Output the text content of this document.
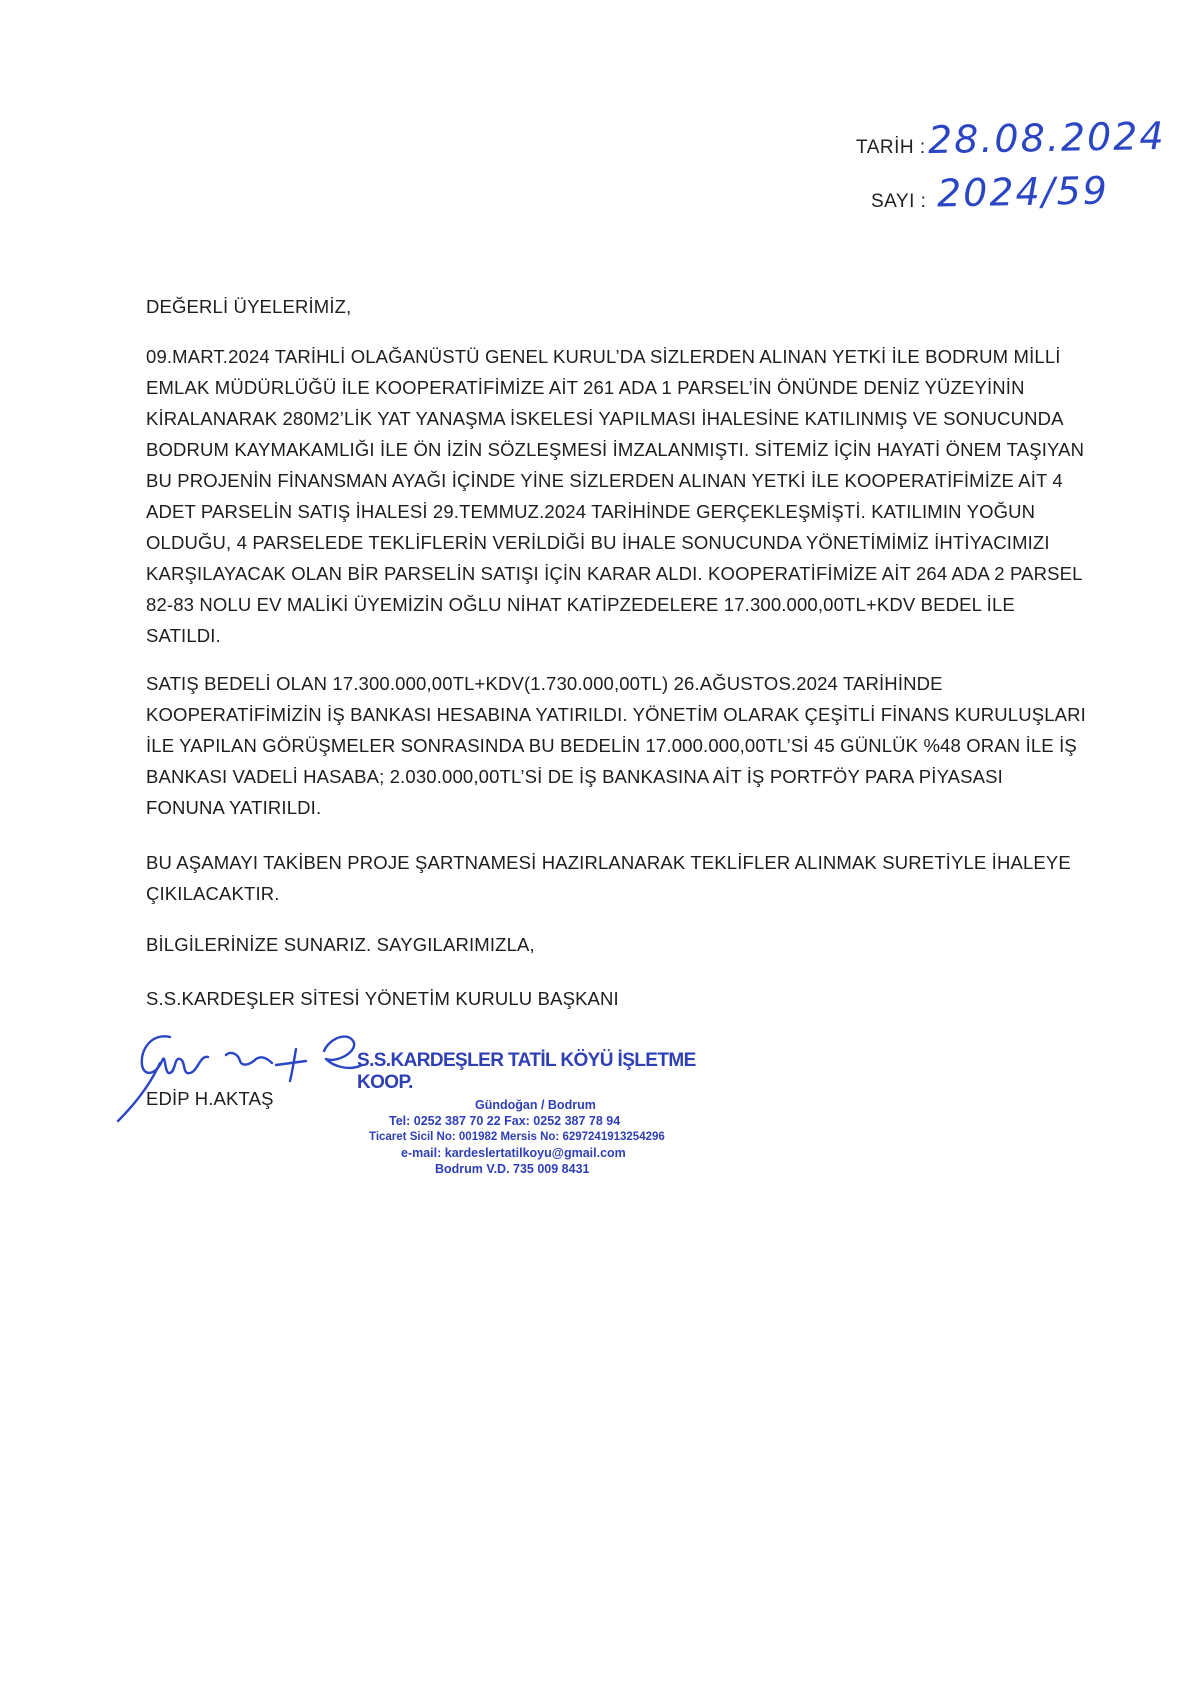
TARİH : 28.08.2024
SAYI : 2024/59
DEĞERLİ ÜYELERİMİZ,

09.MART.2024 TARİHLİ OLAĞANÜSTÜ GENEL KURUL’DA SİZLERDEN ALINAN YETKİ İLE BODRUM MİLLİ EMLAK MÜDÜRLÜĞÜ İLE KOOPERATİFİMİZE AİT 261 ADA 1 PARSEL’İN ÖNÜNDE DENİZ YÜZEYİNİN KİRALANARAK 280M2’LİK YAT YANAŞMA İSKELESİ YAPILMASI İHALESİNE KATILINMIŞ VE SONUCUNDA BODRUM KAYMAKAMLIĞI İLE ÖN İZİN SÖZLEŞMESİ İMZALANMIŞTI. SİTEMİZ İÇİN HAYATİ ÖNEM TAŞIYAN BU PROJENİN FİNANSMAN AYAĞI İÇİNDE YİNE SİZLERDEN ALINAN YETKİ İLE KOOPERATİFİMİZE AİT 4 ADET PARSELİN SATIŞ İHALESİ 29.TEMMUZ.2024 TARİHİNDE GERÇEKLEŞMİŞTİ. KATILIMIN YOĞUN OLDUĞU, 4 PARSELEDE TEKLİFLERİN VERİLDİĞİ BU İHALE SONUCUNDA YÖNETİMİMİZ İHTİYACIMIZI KARŞILAYACAK OLAN BİR PARSELİN SATIŞI İÇİN KARAR ALDI. KOOPERATİFİMİZE AİT 264 ADA 2 PARSEL 82-83 NOLU EV MALİKİ ÜYEMİZİN OĞLU NİHAT KATİPZEDELERE 17.300.000,00TL+KDV BEDEL İLE SATILDI.

SATIŞ BEDELİ OLAN 17.300.000,00TL+KDV(1.730.000,00TL) 26.AĞUSTOS.2024 TARİHİNDE KOOPERATİFİMİZİN İŞ BANKASI HESABINA YATIRILDI. YÖNETİM OLARAK ÇEŞİTLİ FİNANS KURULUŞLARI İLE YAPILAN GÖRÜŞMELER SONRASINDA BU BEDELİN 17.000.000,00TL’Sİ 45 GÜNLÜK %48 ORAN İLE İŞ BANKASI VADELİ HASABA; 2.030.000,00TL’Sİ DE İŞ BANKASINA AİT İŞ PORTFÖY PARA PİYASASI FONUNA YATIRILDI.

BU AŞAMAYI TAKİBEN PROJE ŞARTNAMESİ HAZIRLANARAK TEKLİFLER ALINMAK SURETİYLE İHALEYE ÇIKILACAKTIR.

BİLGİLERİNİZE SUNARIZ. SAYGILARIMIZLA,
S.S.KARDEŞLER SİTESİ YÖNETİM KURULU BAŞKANI
EDİP H.AKTAŞ
S.S.KARDEŞLER TATİL KÖYÜ İŞLETME KOOP.
Gündoğan / Bodrum
Tel: 0252 387 70 22 Fax: 0252 387 78 94
Ticaret Sicil No: 001982 Mersis No: 6297241913254296
e-mail: kardeslertatilkoyu@gmail.com
Bodrum V.D. 735 009 8431
